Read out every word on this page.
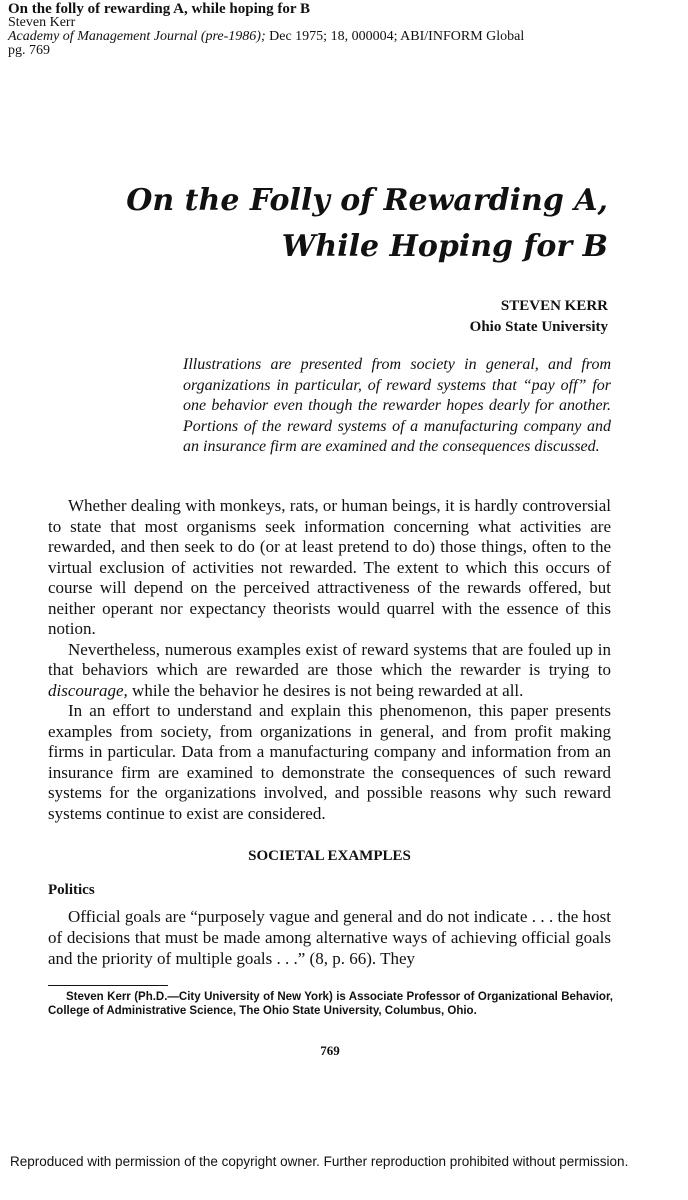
On the folly of rewarding A, while hoping for B
Steven Kerr
Academy of Management Journal (pre-1986); Dec 1975; 18, 000004; ABI/INFORM Global
pg. 769
On the Folly of Rewarding A,
While Hoping for B
STEVEN KERR
Ohio State University
Illustrations are presented from society in general, and from organizations in particular, of reward systems that “pay off” for one behavior even though the rewarder hopes dearly for another. Portions of the reward systems of a manufacturing company and an insurance firm are examined and the consequences discussed.

Whether dealing with monkeys, rats, or human beings, it is hardly controversial to state that most organisms seek information concerning what activities are rewarded, and then seek to do (or at least pretend to do) those things, often to the virtual exclusion of activities not rewarded. The extent to which this occurs of course will depend on the perceived attractiveness of the rewards offered, but neither operant nor expectancy theorists would quarrel with the essence of this notion.

Nevertheless, numerous examples exist of reward systems that are fouled up in that behaviors which are rewarded are those which the rewarder is trying to discourage, while the behavior he desires is not being rewarded at all.

In an effort to understand and explain this phenomenon, this paper presents examples from society, from organizations in general, and from profit making firms in particular. Data from a manufacturing company and information from an insurance firm are examined to demonstrate the consequences of such reward systems for the organizations involved, and possible reasons why such reward systems continue to exist are considered.

SOCIETAL EXAMPLES
Politics

Official goals are “purposely vague and general and do not indicate . . . the host of decisions that must be made among alternative ways of achieving official goals and the priority of multiple goals . . .” (8, p. 66). They

Steven Kerr (Ph.D.—City University of New York) is Associate Professor of Organizational Behavior, College of Administrative Science, The Ohio State University, Columbus, Ohio.
769
Reproduced with permission of the copyright owner. Further reproduction prohibited without permission.
